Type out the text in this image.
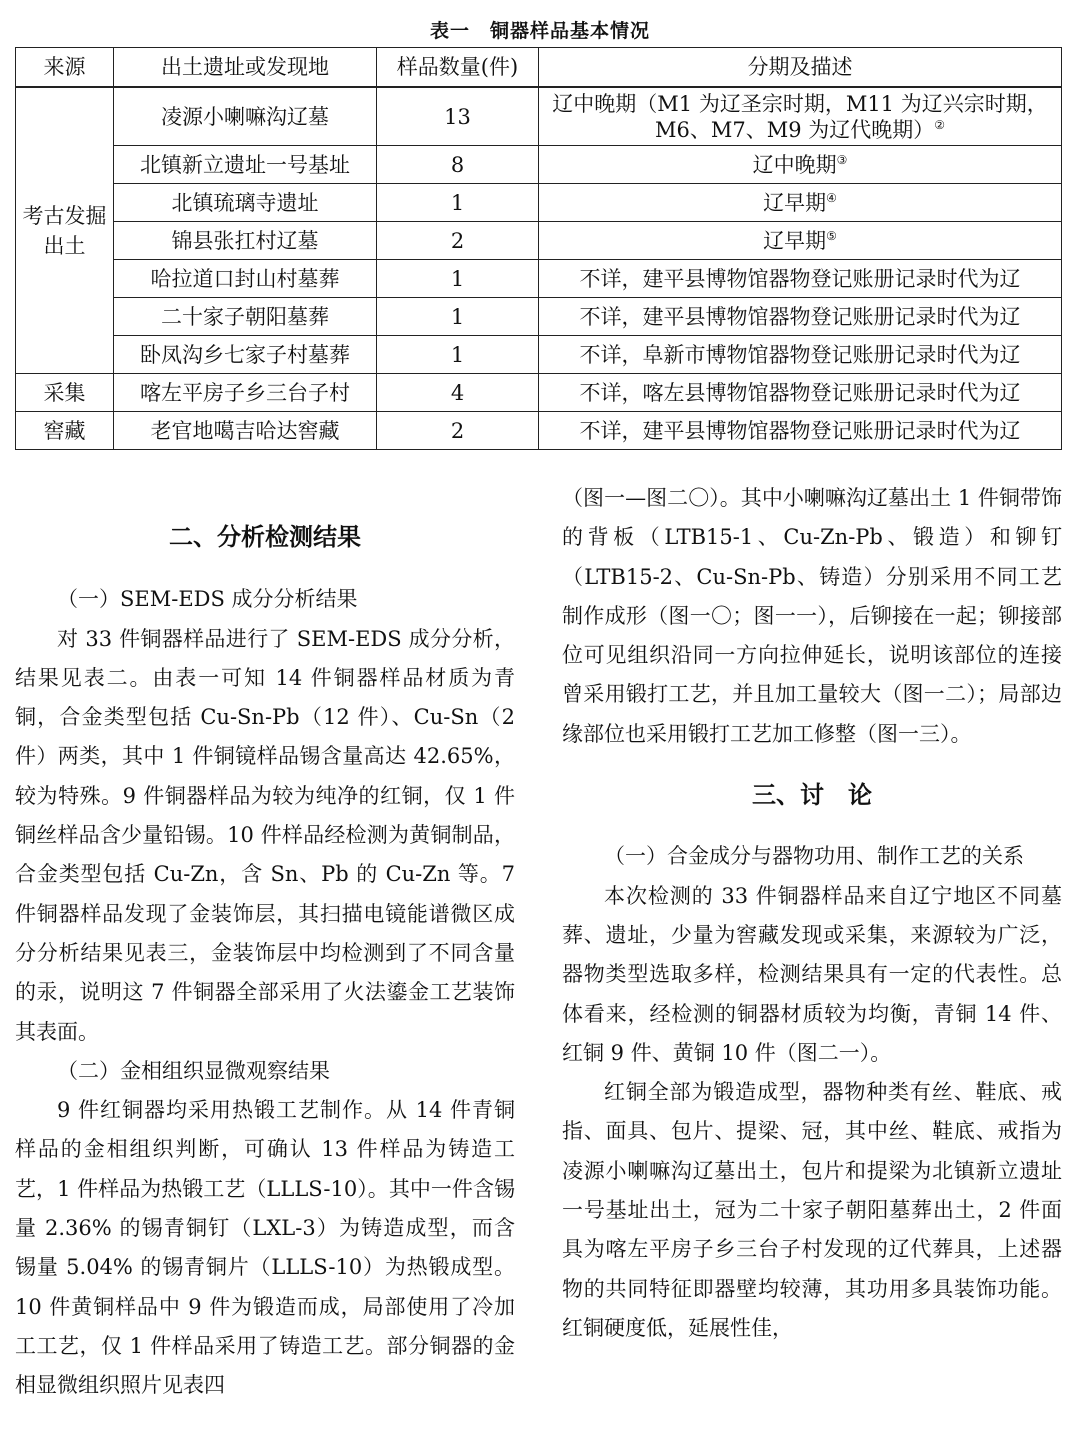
表一　铜器样品基本情况
来源	出土遗址或发现地	样品数量(件)	分期及描述
考古发掘出土	凌源小喇嘛沟辽墓	13	辽中晚期（M1 为辽圣宗时期，M11 为辽兴宗时期，
M6、M7、M9 为辽代晚期）②

	北镇新立遗址一号基址	8	辽中晚期③
	北镇琉璃寺遗址	1	辽早期④
	锦县张扛村辽墓	2	辽早期⑤
	哈拉道口封山村墓葬	1	不详，建平县博物馆器物登记账册记录时代为辽
	二十家子朝阳墓葬	1	不详，建平县博物馆器物登记账册记录时代为辽
	卧凤沟乡七家子村墓葬	1	不详，阜新市博物馆器物登记账册记录时代为辽
采集	喀左平房子乡三台子村	4	不详，喀左县博物馆器物登记账册记录时代为辽
窖藏	老官地噶吉哈达窖藏	2	不详，建平县博物馆器物登记账册记录时代为辽
二、分析检测结果

（一）SEM-EDS 成分分析结果

对 33 件铜器样品进行了 SEM-EDS 成分分析，结果见表二。由表一可知 14 件铜器样品材质为青铜，合金类型包括 Cu-Sn-Pb（12 件）、Cu-Sn（2 件）两类，其中 1 件铜镜样品锡含量高达 42.65%，较为特殊。9 件铜器样品为较为纯净的红铜，仅 1 件铜丝样品含少量铅锡。10 件样品经检测为黄铜制品，合金类型包括 Cu-Zn，含 Sn、Pb 的 Cu-Zn 等。7 件铜器样品发现了金装饰层，其扫描电镜能谱微区成分分析结果见表三，金装饰层中均检测到了不同含量的汞，说明这 7 件铜器全部采用了火法鎏金工艺装饰其表面。

（二）金相组织显微观察结果

9 件红铜器均采用热锻工艺制作。从 14 件青铜样品的金相组织判断，可确认 13 件样品为铸造工艺，1 件样品为热锻工艺（LLLS-10）。其中一件含锡量 2.36% 的锡青铜钉（LXL-3）为铸造成型，而含锡量 5.04% 的锡青铜片（LLLS-10）为热锻成型。10 件黄铜样品中 9 件为锻造而成，局部使用了冷加工工艺，仅 1 件样品采用了铸造工艺。部分铜器的金相显微组织照片见表四

（图一—图二〇）。其中小喇嘛沟辽墓出土 1 件铜带饰的背板（LTB15-1、Cu-Zn-Pb、锻造）和铆钉（LTB15-2、Cu-Sn-Pb、铸造）分别采用不同工艺制作成形（图一〇；图一一），后铆接在一起；铆接部位可见组织沿同一方向拉伸延长，说明该部位的连接曾采用锻打工艺，并且加工量较大（图一二）；局部边缘部位也采用锻打工艺加工修整（图一三）。

三、讨　论

（一）合金成分与器物功用、制作工艺的关系

本次检测的 33 件铜器样品来自辽宁地区不同墓葬、遗址，少量为窖藏发现或采集，来源较为广泛，器物类型选取多样，检测结果具有一定的代表性。总体看来，经检测的铜器材质较为均衡，青铜 14 件、红铜 9 件、黄铜 10 件（图二一）。

红铜全部为锻造成型，器物种类有丝、鞋底、戒指、面具、包片、提梁、冠，其中丝、鞋底、戒指为凌源小喇嘛沟辽墓出土，包片和提梁为北镇新立遗址一号基址出土，冠为二十家子朝阳墓葬出土，2 件面具为喀左平房子乡三台子村发现的辽代葬具，上述器物的共同特征即器壁均较薄，其功用多具装饰功能。红铜硬度低，延展性佳，
